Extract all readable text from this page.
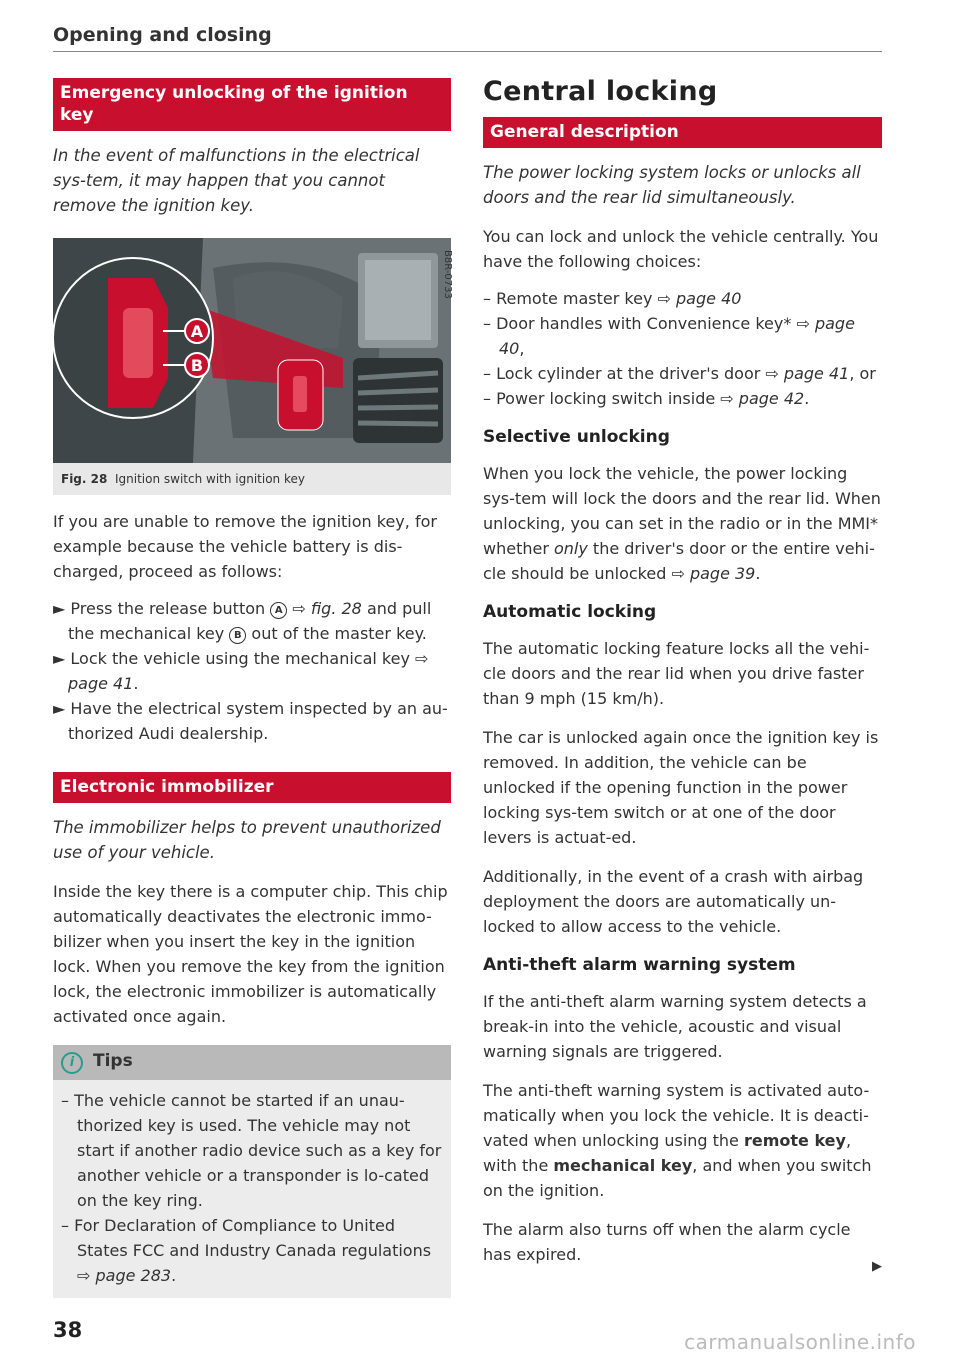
Opening and closing
Emergency unlocking of the ignition key
In the event of malfunctions in the electrical sys-tem, it may happen that you cannot remove the ignition key.
A
B
B8R-0733
Fig. 28 Ignition switch with ignition key

If you are unable to remove the ignition key, for example because the vehicle battery is dis-charged, proceed as follows:

► Press the release button A ⇨ fig. 28 and pull the mechanical key B out of the master key.
► Lock the vehicle using the mechanical key ⇨ page 41.
► Have the electrical system inspected by an au-thorized Audi dealership.
Electronic immobilizer
The immobilizer helps to prevent unauthorized use of your vehicle.

Inside the key there is a computer chip. This chip automatically deactivates the electronic immo-bilizer when you insert the key in the ignition lock. When you remove the key from the ignition lock, the electronic immobilizer is automatically activated once again.

i Tips
– The vehicle cannot be started if an unau-thorized key is used. The vehicle may not start if another radio device such as a key for another vehicle or a transponder is lo-cated on the key ring.
– For Declaration of Compliance to United States FCC and Industry Canada regulations ⇨ page 283.
38
Central locking
General description
The power locking system locks or unlocks all doors and the rear lid simultaneously.

You can lock and unlock the vehicle centrally. You have the following choices:

– Remote master key ⇨ page 40
– Door handles with Convenience key* ⇨ page 40,
– Lock cylinder at the driver's door ⇨ page 41, or
– Power locking switch inside ⇨ page 42.
Selective unlocking

When you lock the vehicle, the power locking sys-tem will lock the doors and the rear lid. When unlocking, you can set in the radio or in the MMI* whether only the driver's door or the entire vehi-cle should be unlocked ⇨ page 39.

Automatic locking

The automatic locking feature locks all the vehi-cle doors and the rear lid when you drive faster than 9 mph (15 km/h).

The car is unlocked again once the ignition key is removed. In addition, the vehicle can be unlocked if the opening function in the power locking sys-tem switch or at one of the door levers is actuat-ed.

Additionally, in the event of a crash with airbag deployment the doors are automatically un-locked to allow access to the vehicle.

Anti-theft alarm warning system

If the anti-theft alarm warning system detects a break-in into the vehicle, acoustic and visual warning signals are triggered.

The anti-theft warning system is activated auto-matically when you lock the vehicle. It is deacti-vated when unlocking using the remote key, with the mechanical key, and when you switch on the ignition.

The alarm also turns off when the alarm cycle has expired.

▶
carmanualsonline.info
